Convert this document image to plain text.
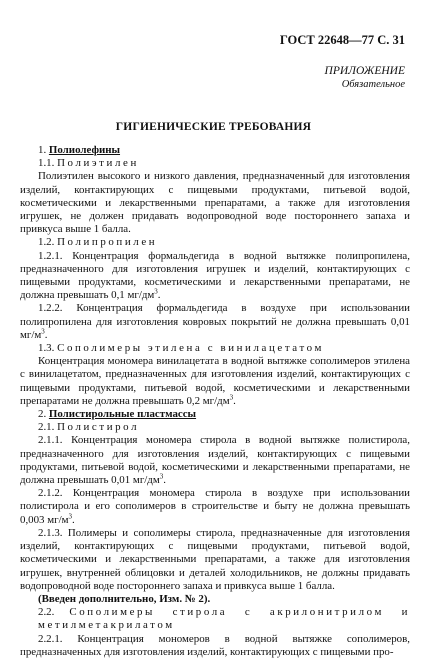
ГОСТ 22648—77 С. 31
ПРИЛОЖЕНИЕ
Обязательное
ГИГИЕНИЧЕСКИЕ ТРЕБОВАНИЯ

1. Полиолефины

1.1. Полиэтилен

Полиэтилен высокого и низкого давления, предназначенный для изготовления изделий, контактирующих с пищевыми продуктами, питьевой водой, косметическими и лекарственными препаратами, а также для изготовления игрушек, не должен придавать водопроводной воде постороннего запаха и привкуса выше 1 балла.

1.2. Полипропилен

1.2.1. Концентрация формальдегида в водной вытяжке полипропилена, предназначенного для изготовления игрушек и изделий, контактирующих с пищевыми продуктами, косметическими и лекарственными препаратами, не должна превышать 0,1 $мг/дм^3$.

1.2.2. Концентрация формальдегида в воздухе при использовании полипропилена для изготовления ковровых покрытий не должна превышать 0,01 $мг/м^3$.

1.3. Сополимеры этилена с винилацетатом

Концентрация мономера винилацетата в водной вытяжке сополимеров этилена с винилацетатом, предназначенных для изготовления изделий, контактирующих с пищевыми продуктами, питьевой водой, косметическими и лекарственными препаратами не должна превышать 0,2 $мг/дм^3$.

2. Полистирольные пластмассы

2.1. Полистирол

2.1.1. Концентрация мономера стирола в водной вытяжке полистирола, предназначенного для изготовления изделий, контактирующих с пищевыми продуктами, питьевой водой, косметическими и лекарственными препаратами, не должна превышать 0,01 $мг/дм^3$.

2.1.2. Концентрация мономера стирола в воздухе при использовании полистирола и его сополимеров в строительстве и быту не должна превышать 0,003 $мг/м^3$.

2.1.3. Полимеры и сополимеры стирола, предназначенные для изготовления изделий, контактирующих с пищевыми продуктами, питьевой водой, косметическими и лекарственными препаратами, а также для изготовления игрушек, внутренней облицовки и деталей холодильников, не должны придавать водопроводной воде постороннего запаха и привкуса выше 1 балла.

(Введен дополнительно, Изм. № 2).

2.2. Сополимеры стирола с акрилонитрилом и метилметакрилатом

2.2.1. Концентрация мономеров в водной вытяжке сополимеров, предназначенных для изготовления изделий, контактирующих с пищевыми про-
